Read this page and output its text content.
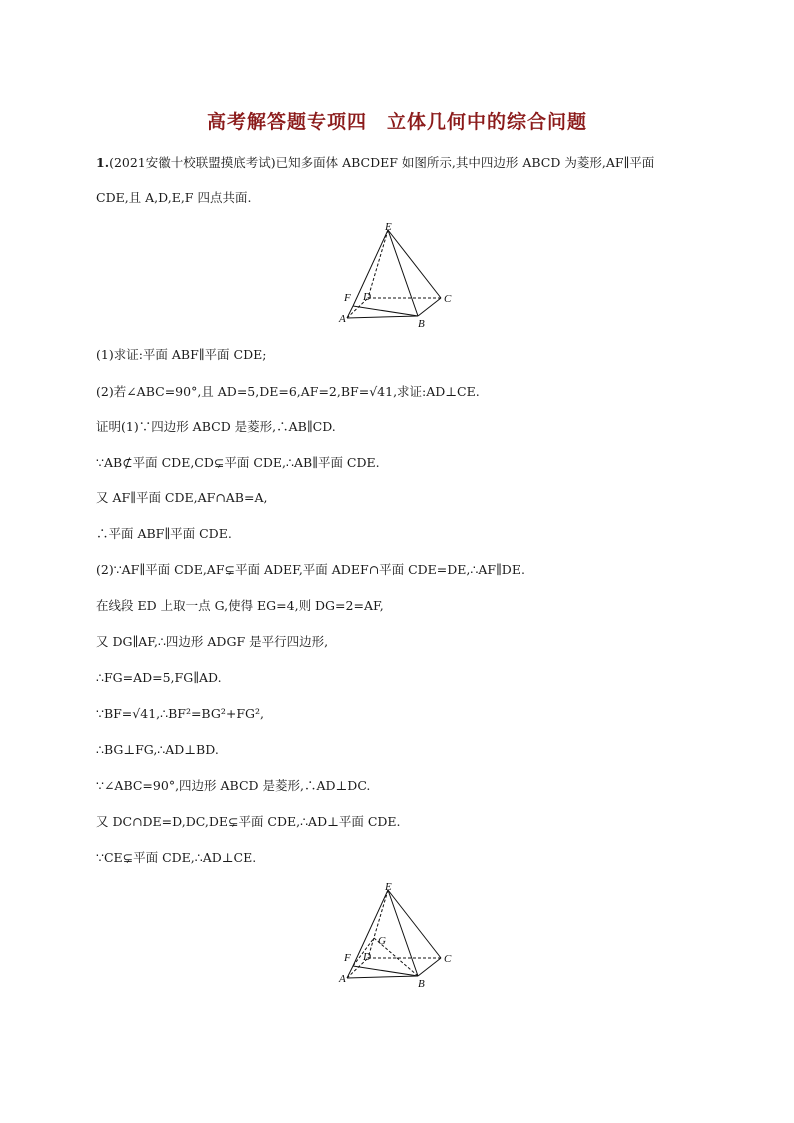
高考解答题专项四　立体几何中的综合问题
1.(2021安徽十校联盟摸底考试)已知多面体 ABCDEF 如图所示,其中四边形 ABCD 为菱形,AF∥平面
CDE,且 A,D,E,F 四点共面.
E
F D	C
A	B
(1)求证:平面 ABF∥平面 CDE;
(2)若∠ABC=90°,且 AD=5,DE=6,AF=2,BF=√41,求证:AD⊥CE.
证明(1)∵四边形 ABCD 是菱形,∴AB∥CD.
∵AB⊄平面 CDE,CD⊊平面 CDE,∴AB∥平面 CDE.
又 AF∥平面 CDE,AF∩AB=A,
∴平面 ABF∥平面 CDE.
(2)∵AF∥平面 CDE,AF⊊平面 ADEF,平面 ADEF∩平面 CDE=DE,∴AF∥DE.
在线段 ED 上取一点 G,使得 EG=4,则 DG=2=AF,
又 DG∥AF,∴四边形 ADGF 是平行四边形,
∴FG=AD=5,FG∥AD.
∵BF=√41,∴BF²=BG²+FG²,
∴BG⊥FG,∴AD⊥BD.
∵∠ABC=90°,四边形 ABCD 是菱形,∴AD⊥DC.
又 DC∩DE=D,DC,DE⊊平面 CDE,∴AD⊥平面 CDE.
∵CE⊊平面 CDE,∴AD⊥CE.
E
G
F D	C
A	B
